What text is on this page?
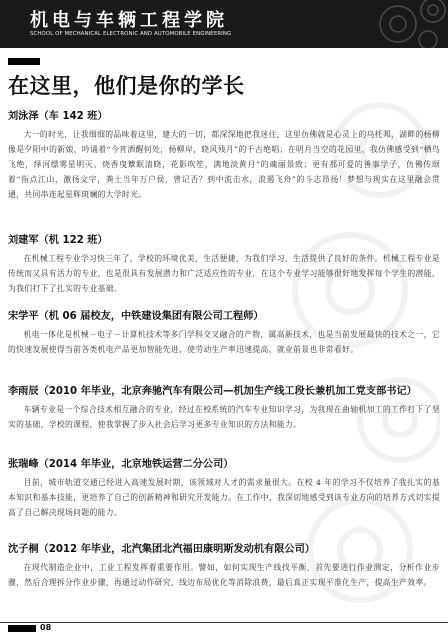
机电与车辆工程学院
SCHOOL OF MECHANICAL ELECTRONIC AND AUTOMOBILE ENGINEERING
在这里，他们是你的学长
刘泳泽（车 142 班）
大一的时光，让我细细的品味着这里，建大的一切，都深深地把我迷住，这里仿佛就是心灵上的乌托邦，湖畔的杨柳像是夕阳中的新娘，吟诵着“今宵酒醒何处，杨柳岸，晓风残月”的千古绝唱；在明月当空的花园里，我仿佛感受到“栖鸟飞绝，绎河缥雾星明灭。烧香曳簟眠清晓，花影吹笙，满地淡黄月”的魂丽景致；更有那可爱的善事学子，仿佛传颂着“指点江山，激扬文字，粪土当年万户侯，曾记否？到中流击水，浪遏飞舟”的斗志昂扬！梦想与现实在这里融会贯通，共同串连起星辉斑斓的大学时光。
刘建军（机 122 班）
在机械工程专业学习快三年了，学校的环境优美，生活便捷，为我们学习、生活提供了良好的条件。机械工程专业是传统而又具有活力的专业，也是很具有发展潜力和广泛适应性的专业，在这个专业学习能够很好地发挥每个学生的潜能，为我们打下了扎实的专业基础。
宋学平（机 06 届校友，中铁建设集团有限公司工程师）
机电一体化是机械－电子－计算机技术等多门学科交叉融合的产物，属高新技术，也是当前发展最快的技术之一，它的快速发展使得当前各类机电产品更加智能先进，使劳动生产率迅速提高，就业前景也非常看好。
李雨辰（2010 年毕业，北京奔驰汽车有限公司—机加生产线工段长兼机加工党支部书记）
车辆专业是一个综合技术相互融合的专业，经过在校系统的汽车专业知识学习，为我现在曲轴机加工的工作打下了坚实的基础，学校的课程，使我掌握了步入社会后学习更多专业知识的方法和能力。
张瑞峰（2014 年毕业，北京地铁运营二分公司）
目前，城市轨道交通已经进入高速发展时期，该领域对人才的需求量很大。在校 4 年的学习不仅培养了我扎实的基本知识和基本技能，更培养了自己的创新精神和研究开发能力。在工作中，我深切地感受到该专业方向的培养方式切实提高了自己解决现场问题的能力。
沈子桐（2012 年毕业，北汽集团北汽福田康明斯发动机有限公司）
在现代制造企业中，工业工程发挥着重要作用。譬如，如何实现生产线找平衡，首先要进行作业测定，分析作业步骤，然后合理拆分作业步骤，再通过动作研究，线边布局优化等消除浪费，最后真正实现平准化生产，提高生产效率。
08
